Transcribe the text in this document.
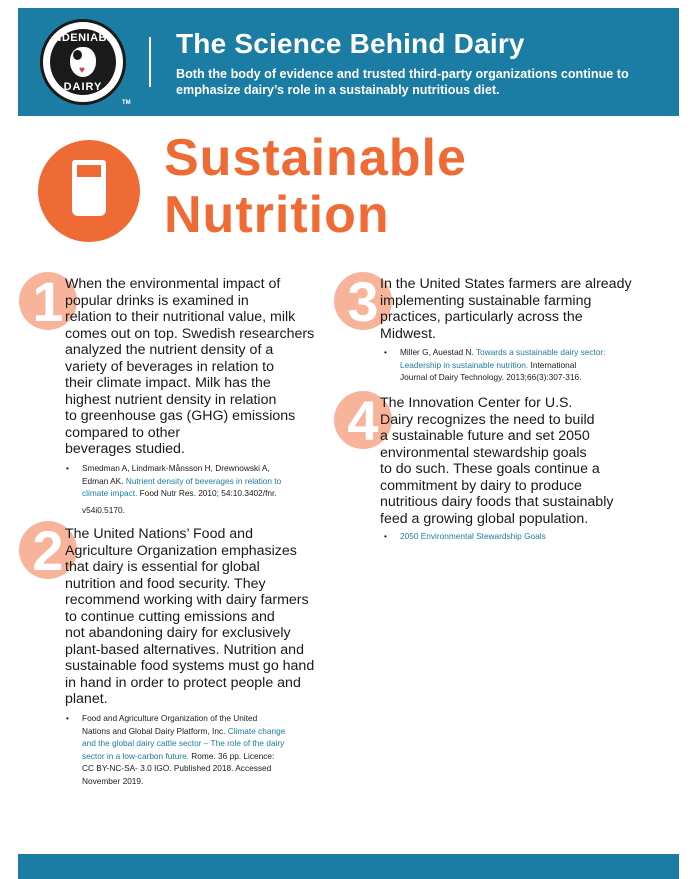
UNDENIABLY
♥
DAIRY
TM
The Science Behind Dairy
Both the body of evidence and trusted third-party organizations continue to
emphasize dairy’s role in a sustainably nutritious diet.
Sustainable
Nutrition
1 When the environmental impact of
popular drinks is examined in
relation to their nutritional value, milk
comes out on top. Swedish researchers
analyzed the nutrient density of a
variety of beverages in relation to
their climate impact. Milk has the
highest nutrient density in relation
to greenhouse gas (GHG) emissions
compared to other
beverages studied.
• Smedman A, Lindmark-Månsson H, Drewnowski A,
Edman AK. Nutrient density of beverages in relation to
climate impact. Food Nutr Res. 2010; 54:10.3402/fnr.
v54i0.5170.
2 The United Nations’ Food and
Agriculture Organization emphasizes
that dairy is essential for global
nutrition and food security. They
recommend working with dairy farmers
to continue cutting emissions and
not abandoning dairy for exclusively
plant-based alternatives. Nutrition and
sustainable food systems must go hand
in hand in order to protect people and
planet.
• Food and Agriculture Organization of the United
Nations and Global Dairy Platform, Inc. Climate change
and the global dairy cattle sector – The role of the dairy
sector in a low-carbon future. Rome. 36 pp. Licence:
CC BY-NC-SA- 3.0 IGO. Published 2018. Accessed
November 2019.
3 In the United States farmers are already
implementing sustainable farming
practices, particularly across the
Midwest.
• Miller G, Auestad N. Towards a sustainable dairy sector:
Leadership in sustainable nutrition. International
Journal of Dairy Technology. 2013;66(3):307-316.
4 The Innovation Center for U.S.
Dairy recognizes the need to build
a sustainable future and set 2050
environmental stewardship goals
to do such. These goals continue a
commitment by dairy to produce
nutritious dairy foods that sustainably
feed a growing global population.
• 2050 Environmental Stewardship Goals
